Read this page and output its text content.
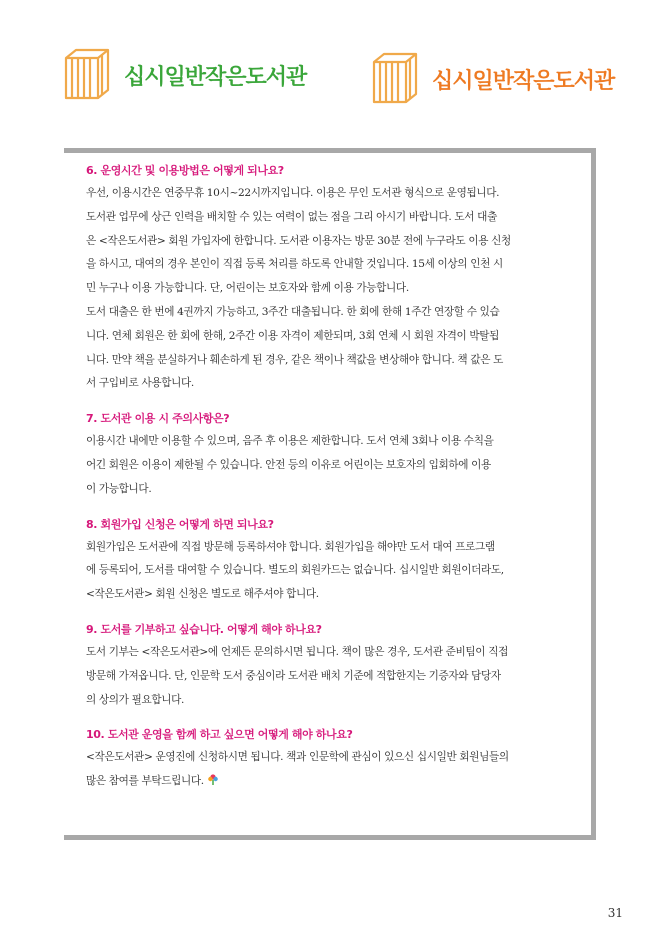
십시일반작은도서관	십시일반작은도서관

6. 운영시간 및 이용방법은 어떻게 되나요?

우선, 이용시간은 연중무휴 10시~22시까지입니다. 이용은 무인 도서관 형식으로 운영됩니다.
도서관 업무에 상근 인력을 배치할 수 있는 여력이 없는 점을 그리 아시기 바랍니다. 도서 대출
은 <작은도서관> 회원 가입자에 한합니다. 도서관 이용자는 방문 30분 전에 누구라도 이용 신청
을 하시고, 대여의 경우 본인이 직접 등록 처리를 하도록 안내할 것입니다. 15세 이상의 인천 시
민 누구나 이용 가능합니다. 단, 어린이는 보호자와 함께 이용 가능합니다.
도서 대출은 한 번에 4권까지 가능하고, 3주간 대출됩니다. 한 회에 한해 1주간 연장할 수 있습
니다. 연체 회원은 한 회에 한해, 2주간 이용 자격이 제한되며, 3회 연체 시 회원 자격이 박탈됩
니다. 만약 책을 분실하거나 훼손하게 된 경우, 같은 책이나 책값을 변상해야 합니다. 책 값은 도
서 구입비로 사용합니다.

7. 도서관 이용 시 주의사항은?

이용시간 내에만 이용할 수 있으며, 음주 후 이용은 제한합니다. 도서 연체 3회나 이용 수칙을
어긴 회원은 이용이 제한될 수 있습니다. 안전 등의 이유로 어린이는 보호자의 입회하에 이용
이 가능합니다.

8. 회원가입 신청은 어떻게 하면 되나요?

회원가입은 도서관에 직접 방문해 등록하셔야 합니다. 회원가입을 해야만 도서 대여 프로그램
에 등록되어, 도서를 대여할 수 있습니다. 별도의 회원카드는 없습니다. 십시일반 회원이더라도,
<작은도서관> 회원 신청은 별도로 해주셔야 합니다.

9. 도서를 기부하고 싶습니다. 어떻게 해야 하나요?

도서 기부는 <작은도서관>에 언제든 문의하시면 됩니다. 책이 많은 경우, 도서관 준비팀이 직접
방문해 가져옵니다. 단, 인문학 도서 중심이라 도서관 배치 기준에 적합한지는 기증자와 담당자
의 상의가 필요합니다.

10. 도서관 운영을 함께 하고 싶으면 어떻게 해야 하나요?

<작은도서관> 운영진에 신청하시면 됩니다. 책과 인문학에 관심이 있으신 십시일반 회원님들의
많은 참여를 부탁드립니다.

31
